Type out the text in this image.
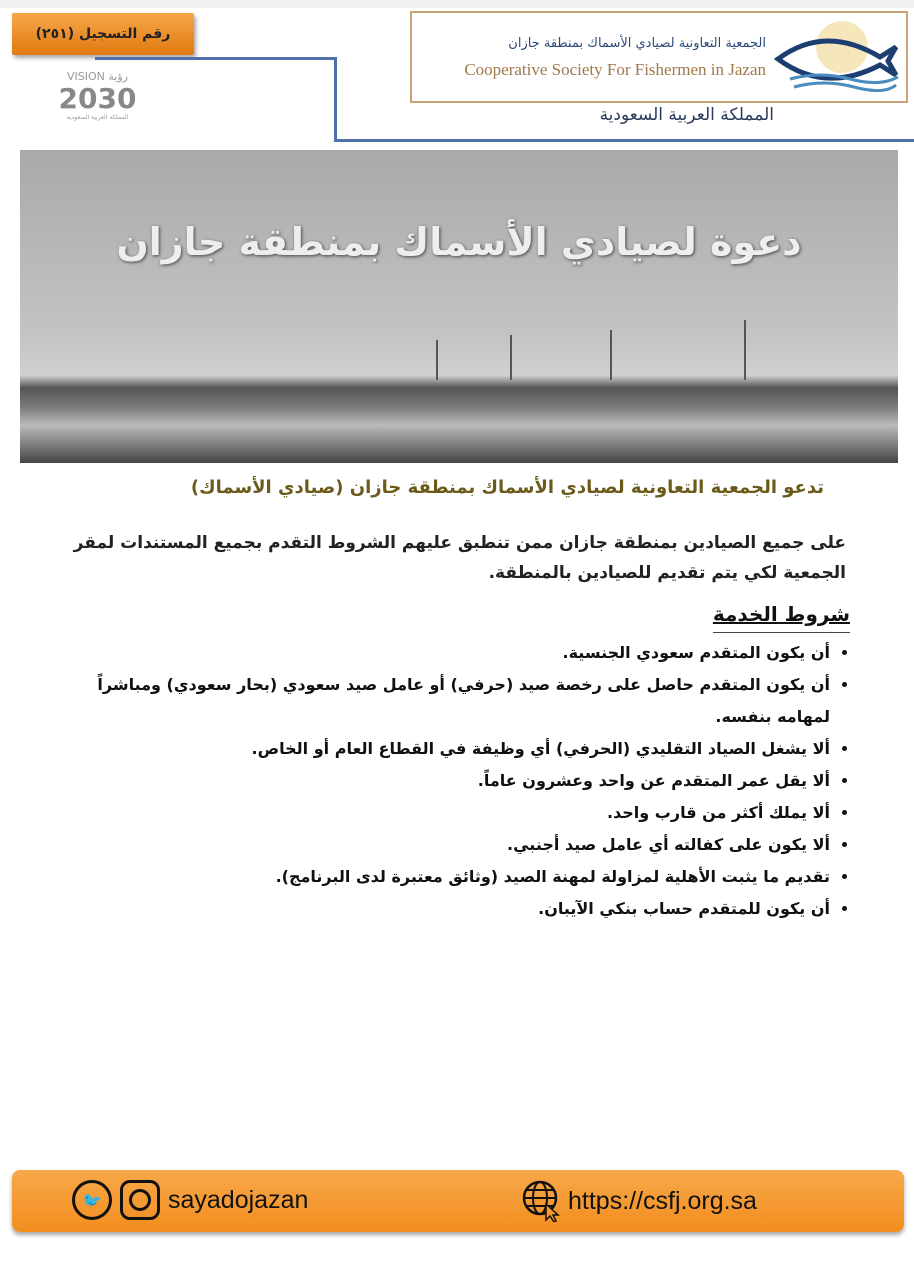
رقم التسجيل (٢٥١)
VISION رؤية
2030
المملكة العربية السعودية
الجمعية التعاونية لصيادي الأسماك بمنطقة جازان
Cooperative Society For Fishermen in Jazan
المملكة العربية السعودية
دعوة لصيادي الأسماك بمنطقة جازان
تدعو الجمعية التعاونية لصيادي الأسماك بمنطقة جازان (صيادي الأسماك)
على جميع الصيادين بمنطقة جازان ممن تنطبق عليهم الشروط التقدم بجميع المستندات لمقر الجمعية لكي يتم تقديم للصيادين بالمنطقة.
شروط الخدمة
• أن يكون المتقدم سعودي الجنسية.
• أن يكون المتقدم حاصل على رخصة صيد (حرفي) أو عامل صيد سعودي (بحار سعودي) ومباشراً لمهامه بنفسه.
• ألا يشغل الصياد التقليدي (الحرفي) أي وظيفة في القطاع العام أو الخاص.
• ألا يقل عمر المتقدم عن واحد وعشرون عاماً.
• ألا يملك أكثر من قارب واحد.
• ألا يكون على كفالته أي عامل صيد أجنبي.
• تقديم ما يثبت الأهلية لمزاولة لمهنة الصيد (وثائق معتبرة لدى البرنامج).
• أن يكون للمتقدم حساب بنكي الآيبان.
🐦	sayadojazan	https://csfj.org.sa
